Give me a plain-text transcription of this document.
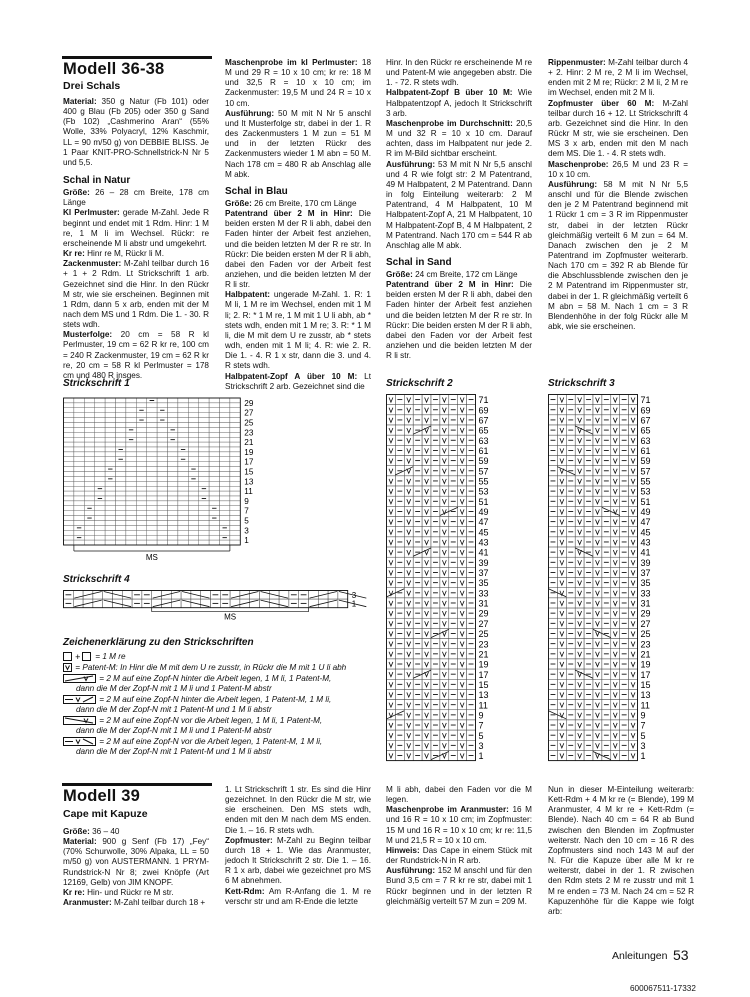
Modell 36-38
Drei Schals

Material: 350 g Natur (Fb 101) oder 400 g Blau (Fb 205) oder 350 g Sand (Fb 102) „Cashmerino Aran“ (55% Wolle, 33% Polyacryl, 12% Kaschmir, LL = 90 m/50 g) von DEBBIE BLISS. Je 1 Paar KNIT-PRO-Schnellstrick-N Nr 5 und 5,5.

Schal in Natur

Größe: 26 – 28 cm Breite, 178 cm Länge

Kl Perlmuster: gerade M-Zahl. Jede R beginnt und endet mit 1 Rdm. Hinr: 1 M re, 1 M li im Wechsel. Rückr: re erscheinende M li abstr und umgekehrt.

Kr re: Hinr re M, Rückr li M.

Zackenmuster: M-Zahl teilbar durch 16 + 1 + 2 Rdm. Lt Strickschrift 1 arb. Gezeichnet sind die Hinr. In den Rückr M str, wie sie erscheinen. Beginnen mit 1 Rdm, dann 5 x arb, enden mit der M nach dem MS und 1 Rdm. Die 1. - 30. R stets wdh.

Musterfolge: 20 cm = 58 R kl Perlmuster, 19 cm = 62 R kr re, 100 cm = 240 R Zackenmuster, 19 cm = 62 R kr re, 20 cm = 58 R kl Perlmuster = 178 cm und 480 R insges.

Maschenprobe im kl Perlmuster: 18 M und 29 R = 10 x 10 cm; kr re: 18 M und 32,5 R = 10 x 10 cm; im Zackenmuster: 19,5 M und 24 R = 10 x 10 cm.

Ausführung: 50 M mit N Nr 5 anschl und lt Musterfolge str, dabei in der 1. R des Zackenmusters 1 M zun = 51 M und in der letzten Rückr des Zackenmusters wieder 1 M abn = 50 M. Nach 178 cm = 480 R ab Anschlag alle M abk.

Schal in Blau

Größe: 26 cm Breite, 170 cm Länge

Patentrand über 2 M in Hinr: Die beiden ersten M der R li abh, dabei den Faden hinter der Arbeit fest anziehen, und die beiden letzten M der R re str. In Rückr: Die beiden ersten M der R li abh, dabei den Faden vor der Arbeit fest anziehen, und die beiden letzten M der R li str.

Halbpatent: ungerade M-Zahl. 1. R: 1 M li, 1 M re im Wechsel, enden mit 1 M li; 2. R: * 1 M re, 1 M mit 1 U li abh, ab * stets wdh, enden mit 1 M re; 3. R: * 1 M li, die M mit dem U re zusstr, ab * stets wdh, enden mit 1 M li; 4. R: wie 2. R. Die 1. - 4. R 1 x str, dann die 3. und 4. R stets wdh.

Halbpatent-Zopf A über 10 M: Lt Strickschrift 2 arb. Gezeichnet sind die

Hinr. In den Rückr re erscheinende M re und Patent-M wie angegeben abstr. Die 1. - 72. R stets wdh.

Halbpatent-Zopf B über 10 M: Wie Halbpatentzopf A, jedoch lt Strickschrift 3 arb.

Maschenprobe im Durchschnitt: 20,5 M und 32 R = 10 x 10 cm. Darauf achten, dass im Halbpatent nur jede 2. R im M-Bild sichtbar erscheint.

Ausführung: 53 M mit N Nr 5,5 anschl und 4 R wie folgt str: 2 M Patentrand, 49 M Halbpatent, 2 M Patentrand. Dann in folg Einteilung weiterarb: 2 M Patentrand, 4 M Halbpatent, 10 M Halbpatent-Zopf A, 21 M Halbpatent, 10 M Halbpatent-Zopf B, 4 M Halbpatent, 2 M Patentrand. Nach 170 cm = 544 R ab Anschlag alle M abk.

Schal in Sand

Größe: 24 cm Breite, 172 cm Länge

Patentrand über 2 M in Hinr: Die beiden ersten M der R li abh, dabei den Faden hinter der Arbeit fest anziehen und die beiden letzten M der R re str. In Rückr: Die beiden ersten M der R li abh, dabei den Faden vor der Arbeit fest anziehen und die beiden letzten M der R li str.

Rippenmuster: M-Zahl teilbar durch 4 + 2. Hinr: 2 M re, 2 M li im Wechsel, enden mit 2 M re; Rückr: 2 M li, 2 M re im Wechsel, enden mit 2 M li.

Zopfmuster über 60 M: M-Zahl teilbar durch 16 + 12. Lt Strickschrift 4 arb. Gezeichnet sind die Hinr. In den Rückr M str, wie sie erscheinen. Den MS 3 x arb, enden mit den M nach dem MS. Die 1. - 4. R stets wdh.

Maschenprobe: 26,5 M und 23 R = 10 x 10 cm.

Ausführung: 58 M mit N Nr 5,5 anschl und für die Blende zwischen den je 2 M Patentrand beginnend mit 1 Rückr 1 cm = 3 R im Rippenmuster str, dabei in der letzten Rückr gleichmäßig verteilt 6 M zun = 64 M. Danach zwischen den je 2 M Patentrand im Zopfmuster weiterarb. Nach 170 cm = 392 R ab Blende für die Abschlussblende zwischen den je 2 M Patentrand im Rippenmuster str, dabei in der 1. R gleichmäßig verteilt 6 M abn = 58 M. Nach 1 cm = 3 R Blendenhöhe in der folg Rückr alle M abk, wie sie erscheinen.

Strickschrift 1
29
27
25
23
21
19
17
15
13
11
9
7
5
3
1
MS
Strickschrift 4
3
1
MS
Strickschrift 2
71
69
67
65
63
61
59
57
55
53
51
49
47
45
43
41
39
37
35
33
31
29
27
25
23
21
19
17
15
13
11
9
7
5
3
1
Strickschrift 3
71
69
67
65
63
61
59
57
55
53
51
49
47
45
43
41
39
37
35
33
31
29
27
25
23
21
19
17
15
13
11
9
7
5
3
1
Zeichenerklärung zu den Strickschriften
+ = 1 M re
= Patent-M: In Hinr die M mit dem U re zusstr, in Rückr die M mit 1 U li abh
= 2 M auf eine Zopf-N hinter die Arbeit legen, 1 M li, 1 Patent-M,
dann die M der Zopf-N mit 1 M li und 1 Patent-M abstr
= 2 M auf eine Zopf-N hinter die Arbeit legen, 1 Patent-M, 1 M li,
dann die M der Zopf-N mit 1 Patent-M und 1 M li abstr
= 2 M auf eine Zopf-N vor die Arbeit legen, 1 M li, 1 Patent-M,
dann die M der Zopf-N mit 1 M li und 1 Patent-M abstr
= 2 M auf eine Zopf-N vor die Arbeit legen, 1 Patent-M, 1 M li,
dann die M der Zopf-N mit 1 Patent-M und 1 M li abstr
Modell 39
Cape mit Kapuze

Größe: 36 – 40

Material: 900 g Senf (Fb 17) „Fey“ (70% Schurwolle, 30% Alpaka, LL = 50 m/50 g) von AUSTERMANN. 1 PRYM-Rundstrick-N Nr 8; zwei Knöpfe (Art 12169, Gelb) von JIM KNOPF.

Kr re: Hin- und Rückr re M str.

Aranmuster: M-Zahl teilbar durch 18 +

1. Lt Strickschrift 1 str. Es sind die Hinr gezeichnet. In den Rückr die M str, wie sie erscheinen. Den MS stets wdh, enden mit den M nach dem MS enden. Die 1. – 16. R stets wdh.

Zopfmuster: M-Zahl zu Beginn teilbar durch 18 + 1. Wie das Aranmuster, jedoch lt Strickschrift 2 str. Die 1. – 16. R 1 x arb, dabei wie gezeichnet pro MS 6 M abnehmen.

Kett-Rdm: Am R-Anfang die 1. M re verschr str und am R-Ende die letzte

M li abh, dabei den Faden vor die M legen.

Maschenprobe im Aranmuster: 16 M und 16 R = 10 x 10 cm; im Zopfmuster: 15 M und 16 R = 10 x 10 cm; kr re: 11,5 M und 21,5 R = 10 x 10 cm.

Hinweis: Das Cape in einem Stück mit der Rundstrick-N in R arb.

Ausführung: 152 M anschl und für den Bund 3,5 cm = 7 R kr re str, dabei mit 1 Rückr beginnen und in der letzten R gleichmäßig verteilt 57 M zun = 209 M.

Nun in dieser M-Einteilung weiterarb: Kett-Rdm + 4 M kr re (= Blende), 199 M Aranmuster, 4 M kr re + Kett-Rdm (= Blende). Nach 40 cm = 64 R ab Bund zwischen den Blenden im Zopfmuster weiterstr. Nach den 10 cm = 16 R des Zopfmusters sind noch 143 M auf der N. Für die Kapuze über alle M kr re weiterstr, dabei in der 1. R zwischen den Rdm stets 2 M re zusstr und mit 1 M re enden = 73 M. Nach 24 cm = 52 R Kapuzenhöhe für die Kappe wie folgt arb:

Anleitungen 53
600067511-17332
